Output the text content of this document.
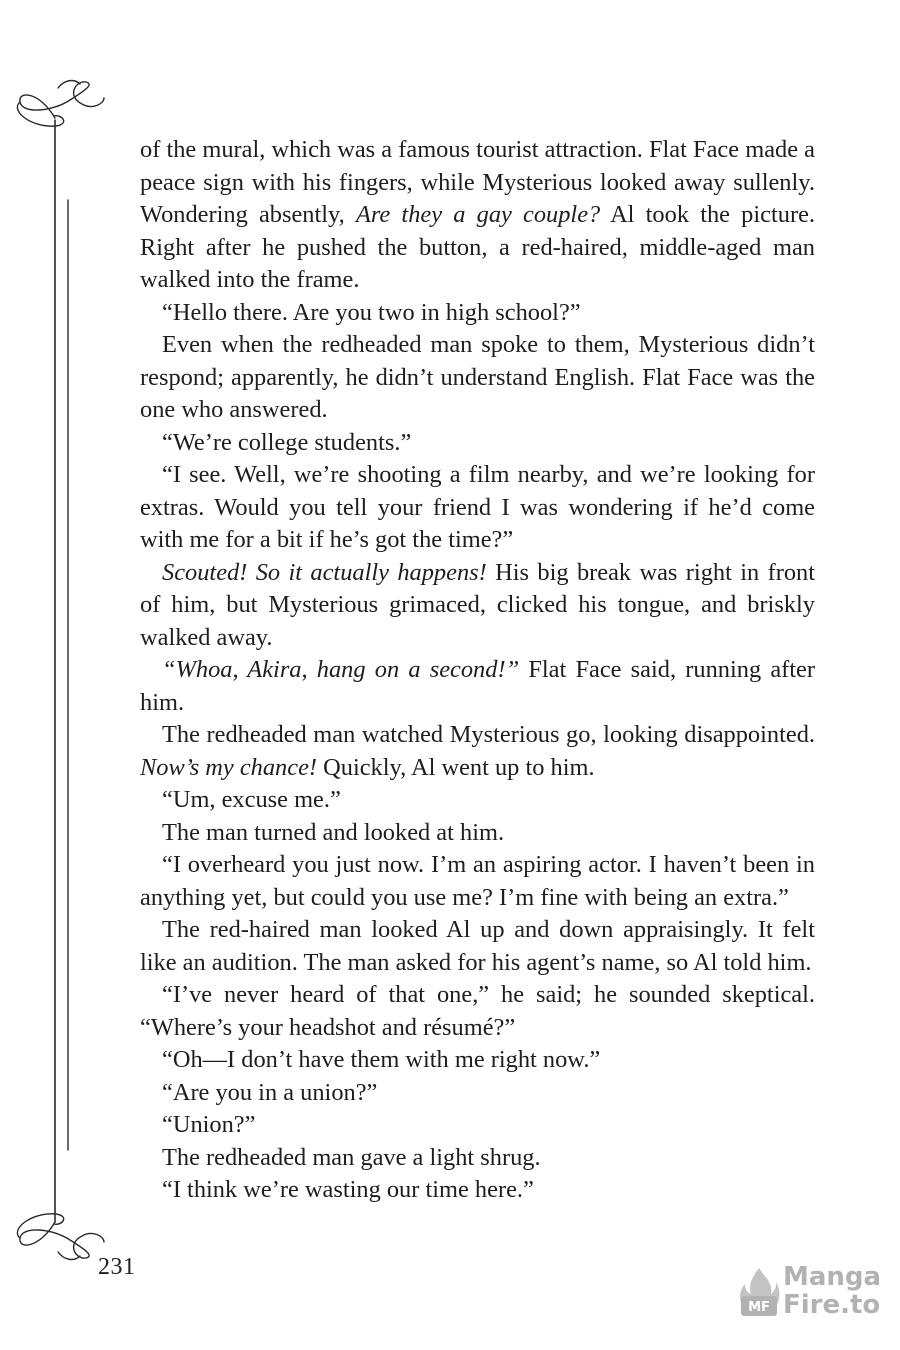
of the mural, which was a famous tourist attraction. Flat Face made a peace sign with his fingers, while Mysterious looked away sullenly. Wondering absently, Are they a gay couple? Al took the picture. Right after he pushed the button, a red-haired, middle-aged man walked into the frame.

“Hello there. Are you two in high school?”

Even when the redheaded man spoke to them, Mysterious didn’t respond; apparently, he didn’t understand English. Flat Face was the one who answered.

“We’re college students.”

“I see. Well, we’re shooting a film nearby, and we’re looking for extras. Would you tell your friend I was wondering if he’d come with me for a bit if he’s got the time?”

Scouted! So it actually happens! His big break was right in front of him, but Mysterious grimaced, clicked his tongue, and briskly walked away.

“Whoa, Akira, hang on a second!” Flat Face said, running after him.

The redheaded man watched Mysterious go, looking disappointed. Now’s my chance! Quickly, Al went up to him.

“Um, excuse me.”

The man turned and looked at him.

“I overheard you just now. I’m an aspiring actor. I haven’t been in anything yet, but could you use me? I’m fine with being an extra.”

The red-haired man looked Al up and down appraisingly. It felt like an audition. The man asked for his agent’s name, so Al told him.

“I’ve never heard of that one,” he said; he sounded skeptical. “Where’s your headshot and résumé?”

“Oh—I don’t have them with me right now.”

“Are you in a union?”

“Union?”

The redheaded man gave a light shrug.

“I think we’re wasting our time here.”

231
MF
Manga
Fire.to
